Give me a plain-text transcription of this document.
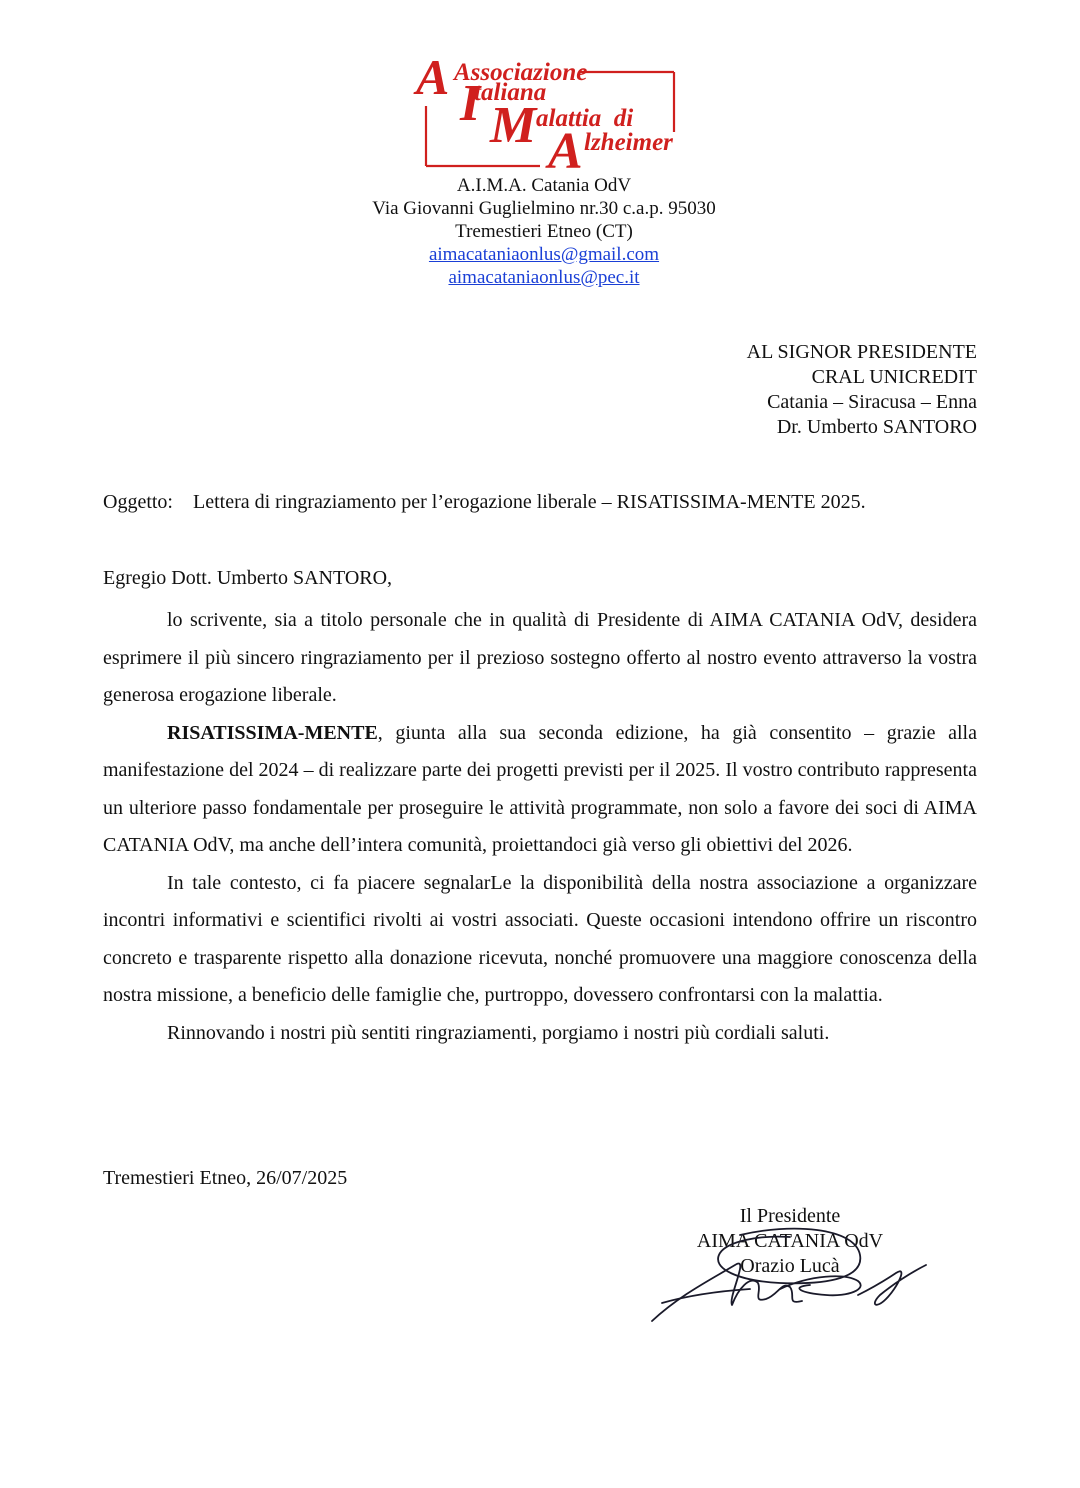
A Associazione
I
taliana
M alattia  di
A lzheimer
A.I.M.A. Catania OdV
Via Giovanni Guglielmino nr.30 c.a.p. 95030
Tremestieri Etneo (CT)
aimacataniaonlus@gmail.com
aimacataniaonlus@pec.it
AL SIGNOR PRESIDENTE
CRAL UNICREDIT
Catania – Siracusa – Enna
Dr. Umberto SANTORO
Oggetto: Lettera di ringraziamento per l’erogazione liberale – RISATISSIMA-MENTE 2025.
Egregio Dott. Umberto SANTORO,

lo scrivente, sia a titolo personale che in qualità di Presidente di AIMA CATANIA OdV, desidera esprimere il più sincero ringraziamento per il prezioso sostegno offerto al nostro evento attraverso la vostra generosa erogazione liberale.

RISATISSIMA-MENTE, giunta alla sua seconda edizione, ha già consentito – grazie alla manifestazione del 2024 – di realizzare parte dei progetti previsti per il 2025. Il vostro contributo rappresenta un ulteriore passo fondamentale per proseguire le attività programmate, non solo a favore dei soci di AIMA CATANIA OdV, ma anche dell’intera comunità, proiettandoci già verso gli obiettivi del 2026.

In tale contesto, ci fa piacere segnalarLe la disponibilità della nostra associazione a organizzare incontri informativi e scientifici rivolti ai vostri associati. Queste occasioni intendono offrire un riscontro concreto e trasparente rispetto alla donazione ricevuta, nonché promuovere una maggiore conoscenza della nostra missione, a beneficio delle famiglie che, purtroppo, dovessero confrontarsi con la malattia.

Rinnovando i nostri più sentiti ringraziamenti, porgiamo i nostri più cordiali saluti.

Tremestieri Etneo, 26/07/2025
Il Presidente
AIMA CATANIA OdV
Orazio Lucà
